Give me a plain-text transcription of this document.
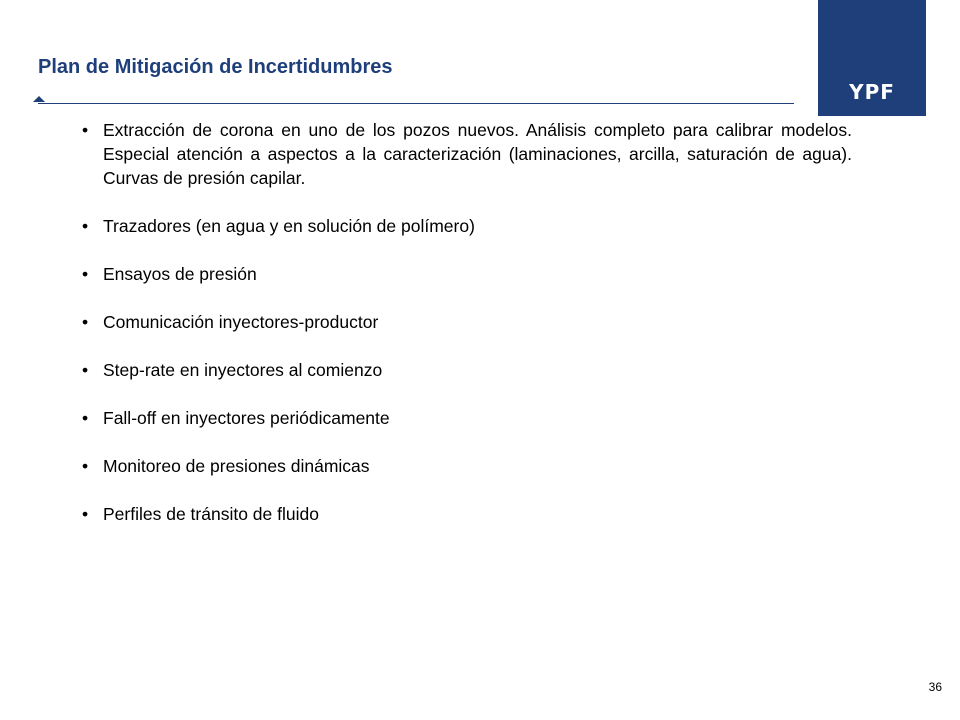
YPF
Plan de Mitigación de Incertidumbres
• Extracción de corona en uno de los pozos nuevos. Análisis completo para calibrar modelos. Especial atención a aspectos a la caracterización (laminaciones, arcilla, saturación de agua). Curvas de presión capilar.
• Trazadores (en agua y en solución de polímero)
• Ensayos de presión
• Comunicación inyectores-productor
• Step-rate en inyectores al comienzo
• Fall-off en inyectores periódicamente
• Monitoreo de presiones dinámicas
• Perfiles de tránsito de fluido
36
